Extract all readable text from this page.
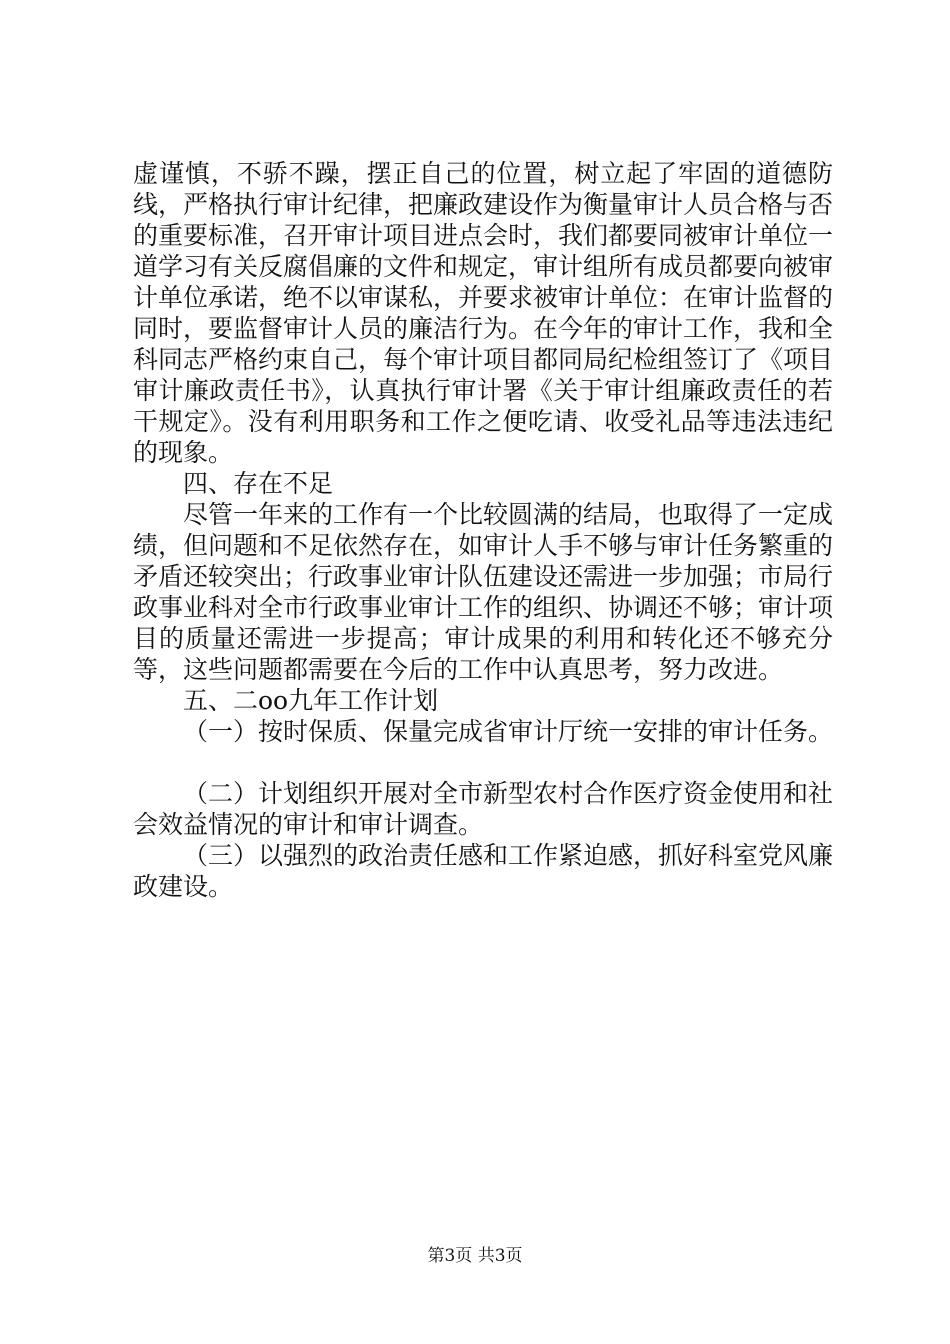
虚谨慎，不骄不躁，摆正自己的位置，树立起了牢固的道德防线，严格执行审计纪律，把廉政建设作为衡量审计人员合格与否的重要标准，召开审计项目进点会时，我们都要同被审计单位一道学习有关反腐倡廉的文件和规定，审计组所有成员都要向被审计单位承诺，绝不以审谋私，并要求被审计单位：在审计监督的同时，要监督审计人员的廉洁行为。在今年的审计工作，我和全科同志严格约束自己，每个审计项目都同局纪检组签订了《项目审计廉政责任书》，认真执行审计署《关于审计组廉政责任的若干规定》。没有利用职务和工作之便吃请、收受礼品等违法违纪的现象。

四、存在不足

尽管一年来的工作有一个比较圆满的结局，也取得了一定成绩，但问题和不足依然存在，如审计人手不够与审计任务繁重的矛盾还较突出；行政事业审计队伍建设还需进一步加强；市局行政事业科对全市行政事业审计工作的组织、协调还不够；审计项目的质量还需进一步提高；审计成果的利用和转化还不够充分等，这些问题都需要在今后的工作中认真思考，努力改进。

五、二oo九年工作计划

（一）按时保质、保量完成省审计厅统一安排的审计任务。

（二）计划组织开展对全市新型农村合作医疗资金使用和社会效益情况的审计和审计调查。

（三）以强烈的政治责任感和工作紧迫感，抓好科室党风廉政建设。

第3页 共3页
